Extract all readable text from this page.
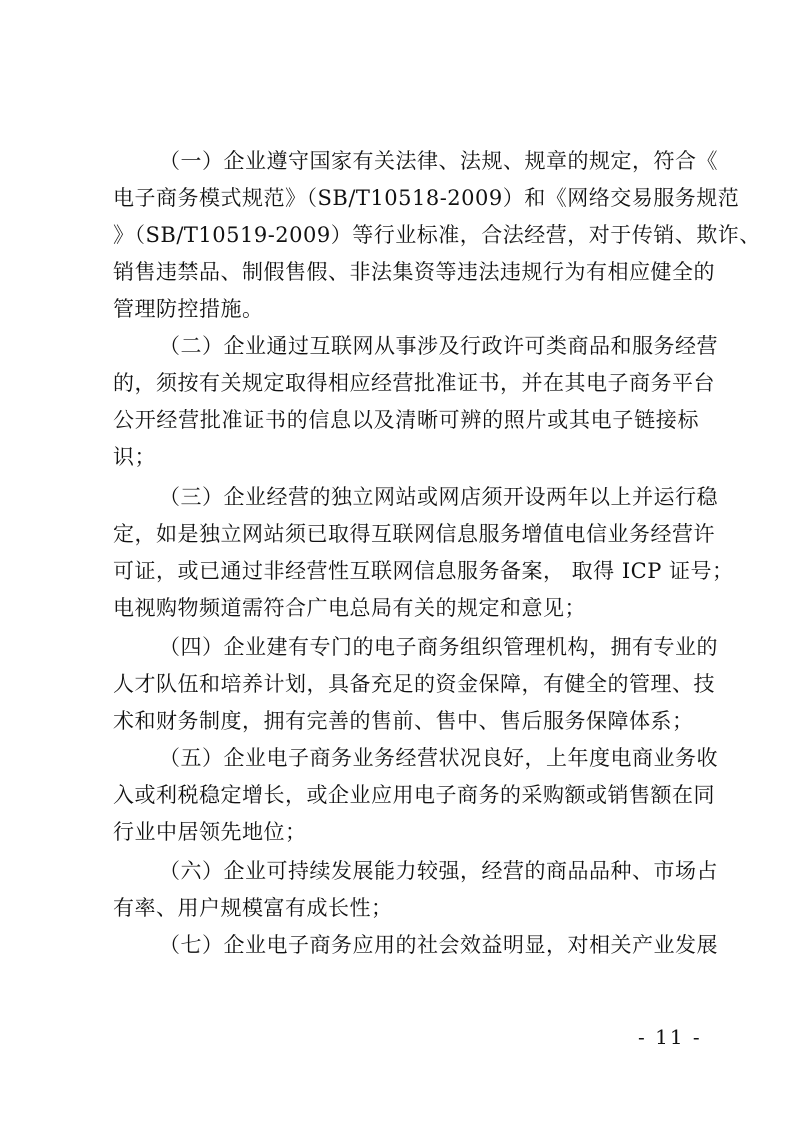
（一）企业遵守国家有关法律、法规、规章的规定，符合《
电子商务模式规范》（SB/T10518-2009）和《网络交易服务规范
》（SB/T10519-2009）等行业标准，合法经营，对于传销、欺诈、
销售违禁品、制假售假、非法集资等违法违规行为有相应健全的
管理防控措施。
（二）企业通过互联网从事涉及行政许可类商品和服务经营
的，须按有关规定取得相应经营批准证书，并在其电子商务平台
公开经营批准证书的信息以及清晰可辨的照片或其电子链接标
识；
（三）企业经营的独立网站或网店须开设两年以上并运行稳
定，如是独立网站须已取得互联网信息服务增值电信业务经营许
可证，或已通过非经营性互联网信息服务备案， 取得 ICP 证号；
电视购物频道需符合广电总局有关的规定和意见；
（四）企业建有专门的电子商务组织管理机构，拥有专业的
人才队伍和培养计划，具备充足的资金保障，有健全的管理、技
术和财务制度，拥有完善的售前、售中、售后服务保障体系；
（五）企业电子商务业务经营状况良好，上年度电商业务收
入或利税稳定增长，或企业应用电子商务的采购额或销售额在同
行业中居领先地位；
（六）企业可持续发展能力较强，经营的商品品种、市场占
有率、用户规模富有成长性；
（七）企业电子商务应用的社会效益明显，对相关产业发展
- 11 -
